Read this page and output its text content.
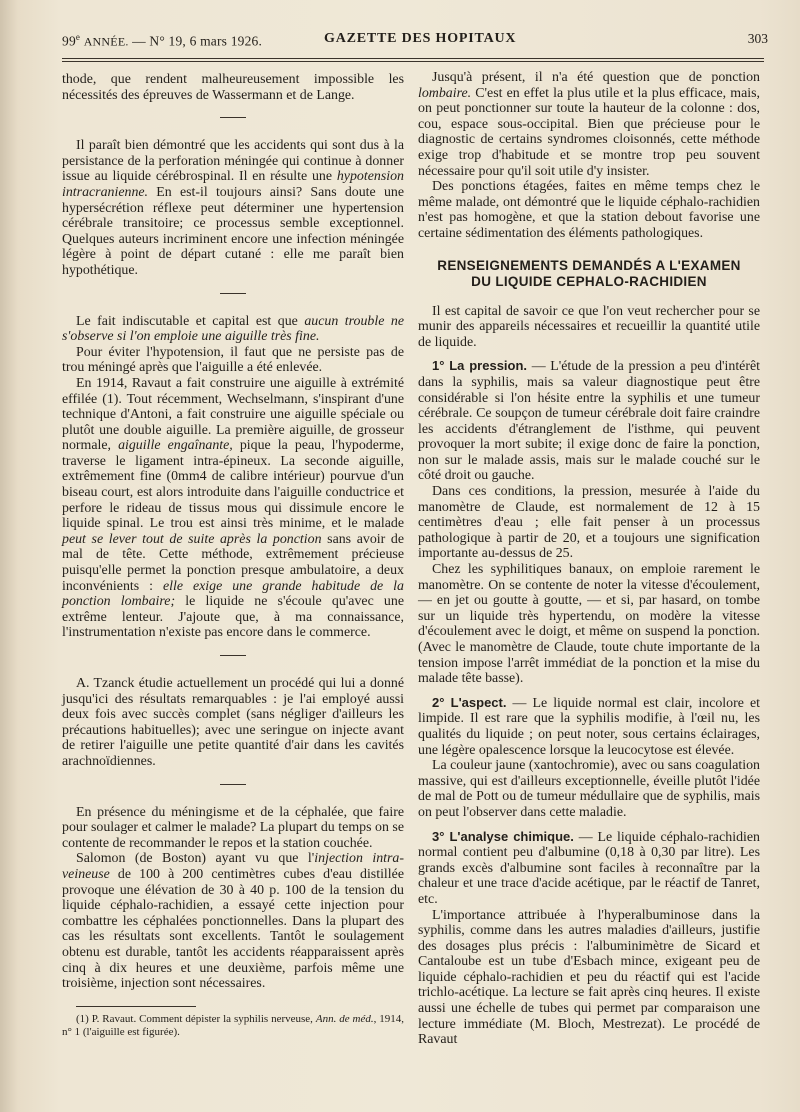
99e ANNÉE. — N° 19, 6 mars 1926.	GAZETTE DES HOPITAUX	303

thode, que rendent malheureusement impossible les nécessités des épreuves de Wassermann et de Lange.

Il paraît bien démontré que les accidents qui sont dus à la persistance de la perforation méningée qui continue à donner issue au liquide cérébrospinal. Il en résulte une hypotension intracranienne. En est-il toujours ainsi? Sans doute une hypersécrétion réflexe peut déterminer une hypertension cérébrale transitoire; ce processus semble exceptionnel. Quelques auteurs incriminent encore une infection méningée légère à point de départ cutané : elle me paraît bien hypothétique.

Le fait indiscutable et capital est que aucun trouble ne s'observe si l'on emploie une aiguille très fine.

Pour éviter l'hypotension, il faut que ne persiste pas de trou méningé après que l'aiguille a été enlevée.

En 1914, Ravaut a fait construire une aiguille à extrémité effilée (1). Tout récemment, Wechselmann, s'inspirant d'une technique d'Antoni, a fait construire une aiguille spéciale ou plutôt une double aiguille. La première aiguille, de grosseur normale, aiguille engaînante, pique la peau, l'hypoderme, traverse le ligament intra-épineux. La seconde aiguille, extrêmement fine (0mm4 de calibre intérieur) pourvue d'un biseau court, est alors introduite dans l'aiguille conductrice et perfore le rideau de tissus mous qui dissimule encore le liquide spinal. Le trou est ainsi très minime, et le malade peut se lever tout de suite après la ponction sans avoir de mal de tête. Cette méthode, extrêmement précieuse puisqu'elle permet la ponction presque ambulatoire, a deux inconvénients : elle exige une grande habitude de la ponction lombaire; le liquide ne s'écoule qu'avec une extrême lenteur. J'ajoute que, à ma connaissance, l'instrumentation n'existe pas encore dans le commerce.

A. Tzanck étudie actuellement un procédé qui lui a donné jusqu'ici des résultats remarquables : je l'ai employé aussi deux fois avec succès complet (sans négliger d'ailleurs les précautions habituelles); avec une seringue on injecte avant de retirer l'aiguille une petite quantité d'air dans les cavités arachnoïdiennes.

En présence du méningisme et de la céphalée, que faire pour soulager et calmer le malade? La plupart du temps on se contente de recommander le repos et la station couchée.

Salomon (de Boston) ayant vu que l'injection intra-veineuse de 100 à 200 centimètres cubes d'eau distillée provoque une élévation de 30 à 40 p. 100 de la tension du liquide céphalo-rachidien, a essayé cette injection pour combattre les céphalées ponctionnelles. Dans la plupart des cas les résultats sont excellents. Tantôt le soulagement obtenu est durable, tantôt les accidents réapparaissent après cinq à dix heures et une deuxième, parfois même une troisième, injection sont nécessaires.

(1) P. Ravaut. Comment dépister la syphilis nerveuse, Ann. de méd., 1914, n° 1 (l'aiguille est figurée).

Jusqu'à présent, il n'a été question que de ponction lombaire. C'est en effet la plus utile et la plus efficace, mais, on peut ponctionner sur toute la hauteur de la colonne : dos, cou, espace sous-occipital. Bien que précieuse pour le diagnostic de certains syndromes cloisonnés, cette méthode exige trop d'habitude et se montre trop peu souvent nécessaire pour qu'il soit utile d'y insister.

Des ponctions étagées, faites en même temps chez le même malade, ont démontré que le liquide céphalo-rachidien n'est pas homogène, et que la station debout favorise une certaine sédimentation des éléments pathologiques.

RENSEIGNEMENTS DEMANDÉS A L'EXAMEN
DU LIQUIDE CEPHALO-RACHIDIEN

Il est capital de savoir ce que l'on veut rechercher pour se munir des appareils nécessaires et recueillir la quantité utile de liquide.

1° La pression. — L'étude de la pression a peu d'intérêt dans la syphilis, mais sa valeur diagnostique peut être considérable si l'on hésite entre la syphilis et une tumeur cérébrale. Ce soupçon de tumeur cérébrale doit faire craindre les accidents d'étranglement de l'isthme, qui peuvent provoquer la mort subite; il exige donc de faire la ponction, non sur le malade assis, mais sur le malade couché sur le côté droit ou gauche.

Dans ces conditions, la pression, mesurée à l'aide du manomètre de Claude, est normalement de 12 à 15 centimètres d'eau ; elle fait penser à un processus pathologique à partir de 20, et a toujours une signification importante au-dessus de 25.

Chez les syphilitiques banaux, on emploie rarement le manomètre. On se contente de noter la vitesse d'écoulement, — en jet ou goutte à goutte, — et si, par hasard, on tombe sur un liquide très hypertendu, on modère la vitesse d'écoulement avec le doigt, et même on suspend la ponction. (Avec le manomètre de Claude, toute chute importante de la tension impose l'arrêt immédiat de la ponction et la mise du malade tête basse).

2° L'aspect. — Le liquide normal est clair, incolore et limpide. Il est rare que la syphilis modifie, à l'œil nu, les qualités du liquide ; on peut noter, sous certains éclairages, une légère opalescence lorsque la leucocytose est élevée.

La couleur jaune (xantochromie), avec ou sans coagulation massive, qui est d'ailleurs exceptionnelle, éveille plutôt l'idée de mal de Pott ou de tumeur médullaire que de syphilis, mais on peut l'observer dans cette maladie.

3° L'analyse chimique. — Le liquide céphalo-rachidien normal contient peu d'albumine (0,18 à 0,30 par litre). Les grands excès d'albumine sont faciles à reconnaître par la chaleur et une trace d'acide acétique, par le réactif de Tanret, etc.

L'importance attribuée à l'hyperalbuminose dans la syphilis, comme dans les autres maladies d'ailleurs, justifie des dosages plus précis : l'albuminimètre de Sicard et Cantaloube est un tube d'Esbach mince, exigeant peu de liquide céphalo-rachidien et peu du réactif qui est l'acide trichlo-acétique. La lecture se fait après cinq heures. Il existe aussi une échelle de tubes qui permet par comparaison une lecture immédiate (M. Bloch, Mestrezat). Le procédé de Ravaut
